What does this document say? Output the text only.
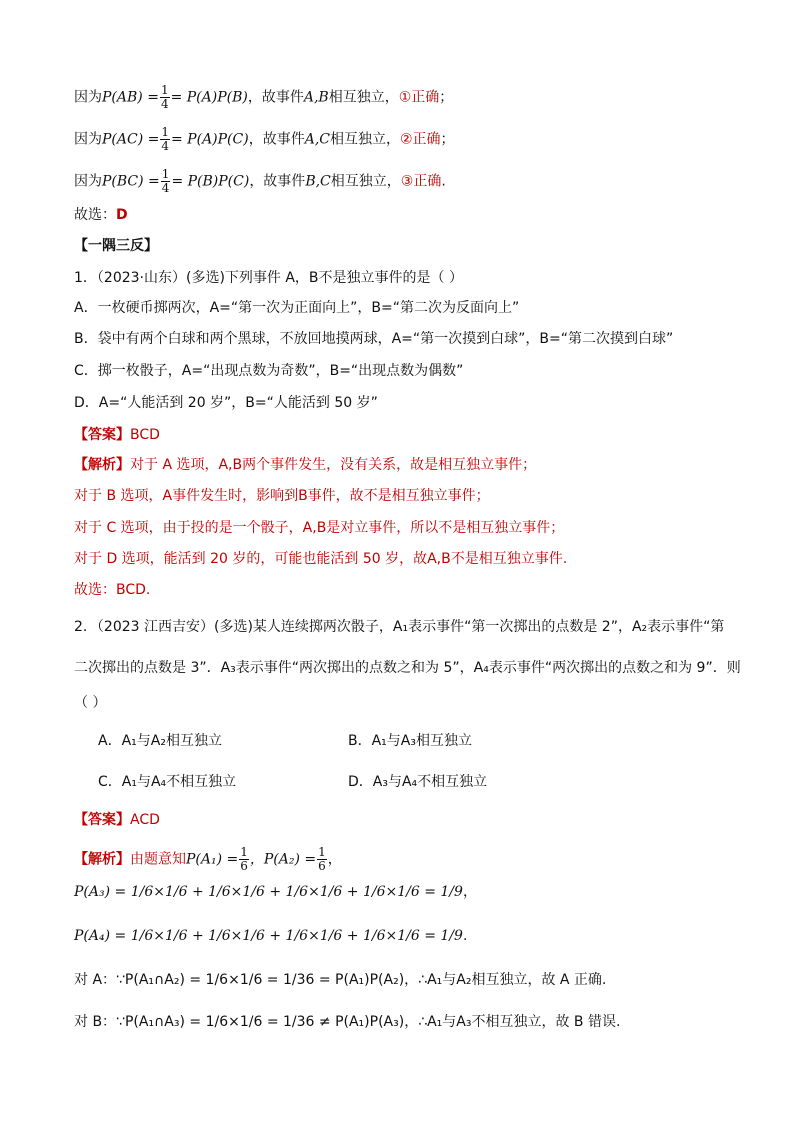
因为$P(AB) = \frac{1}{4} = P(A)P(B)$，故事件A,B相互独立，①正确；
因为$P(AC) = \frac{1}{4} = P(A)P(C)$，故事件A,C相互独立，②正确；
因为$P(BC) = \frac{1}{4} = P(B)P(C)$，故事件B,C相互独立，③正确.
故选：D
【一隅三反】
1．（2023·山东）(多选)下列事件 A，B不是独立事件的是（ ）
A．一枚硬币掷两次，A=“第一次为正面向上”，B=“第二次为反面向上”
B．袋中有两个白球和两个黑球，不放回地摸两球，A=“第一次摸到白球”，B=“第二次摸到白球”
C．掷一枚骰子，A=“出现点数为奇数”，B=“出现点数为偶数”
D．A=“人能活到 20 岁”，B=“人能活到 50 岁”
【答案】BCD
【解析】对于 A 选项，A,B两个事件发生，没有关系，故是相互独立事件；
对于 B 选项，A事件发生时，影响到B事件，故不是相互独立事件；
对于 C 选项，由于投的是一个骰子，A,B是对立事件，所以不是相互独立事件；
对于 D 选项，能活到 20 岁的，可能也能活到 50 岁，故A,B不是相互独立事件.
故选：BCD.
2．（2023 江西吉安）(多选)某人连续掷两次骰子，A₁表示事件“第一次掷出的点数是 2”，A₂表示事件“第
二次掷出的点数是 3”．A₃表示事件“两次掷出的点数之和为 5”，A₄表示事件“两次掷出的点数之和为 9”．则
（ ）
A．A₁与A₂相互独立	B．A₁与A₃相互独立
C．A₁与A₄不相互独立	D．A₃与A₄不相互独立
【答案】ACD
【解析】由题意知$P(A_1) = \frac{1}{6}$ ，$P(A_2) = \frac{1}{6}$ ，
P(A₃) = 1/6×1/6 + 1/6×1/6 + 1/6×1/6 + 1/6×1/6 = 1/9，
P(A₄) = 1/6×1/6 + 1/6×1/6 + 1/6×1/6 + 1/6×1/6 = 1/9.
对 A：∵P(A₁∩A₂) = 1/6×1/6 = 1/36 = P(A₁)P(A₂)，∴A₁与A₂相互独立，故 A 正确.
对 B：∵P(A₁∩A₃) = 1/6×1/6 = 1/36 ≠ P(A₁)P(A₃)，∴A₁与A₃不相互独立，故 B 错误.
